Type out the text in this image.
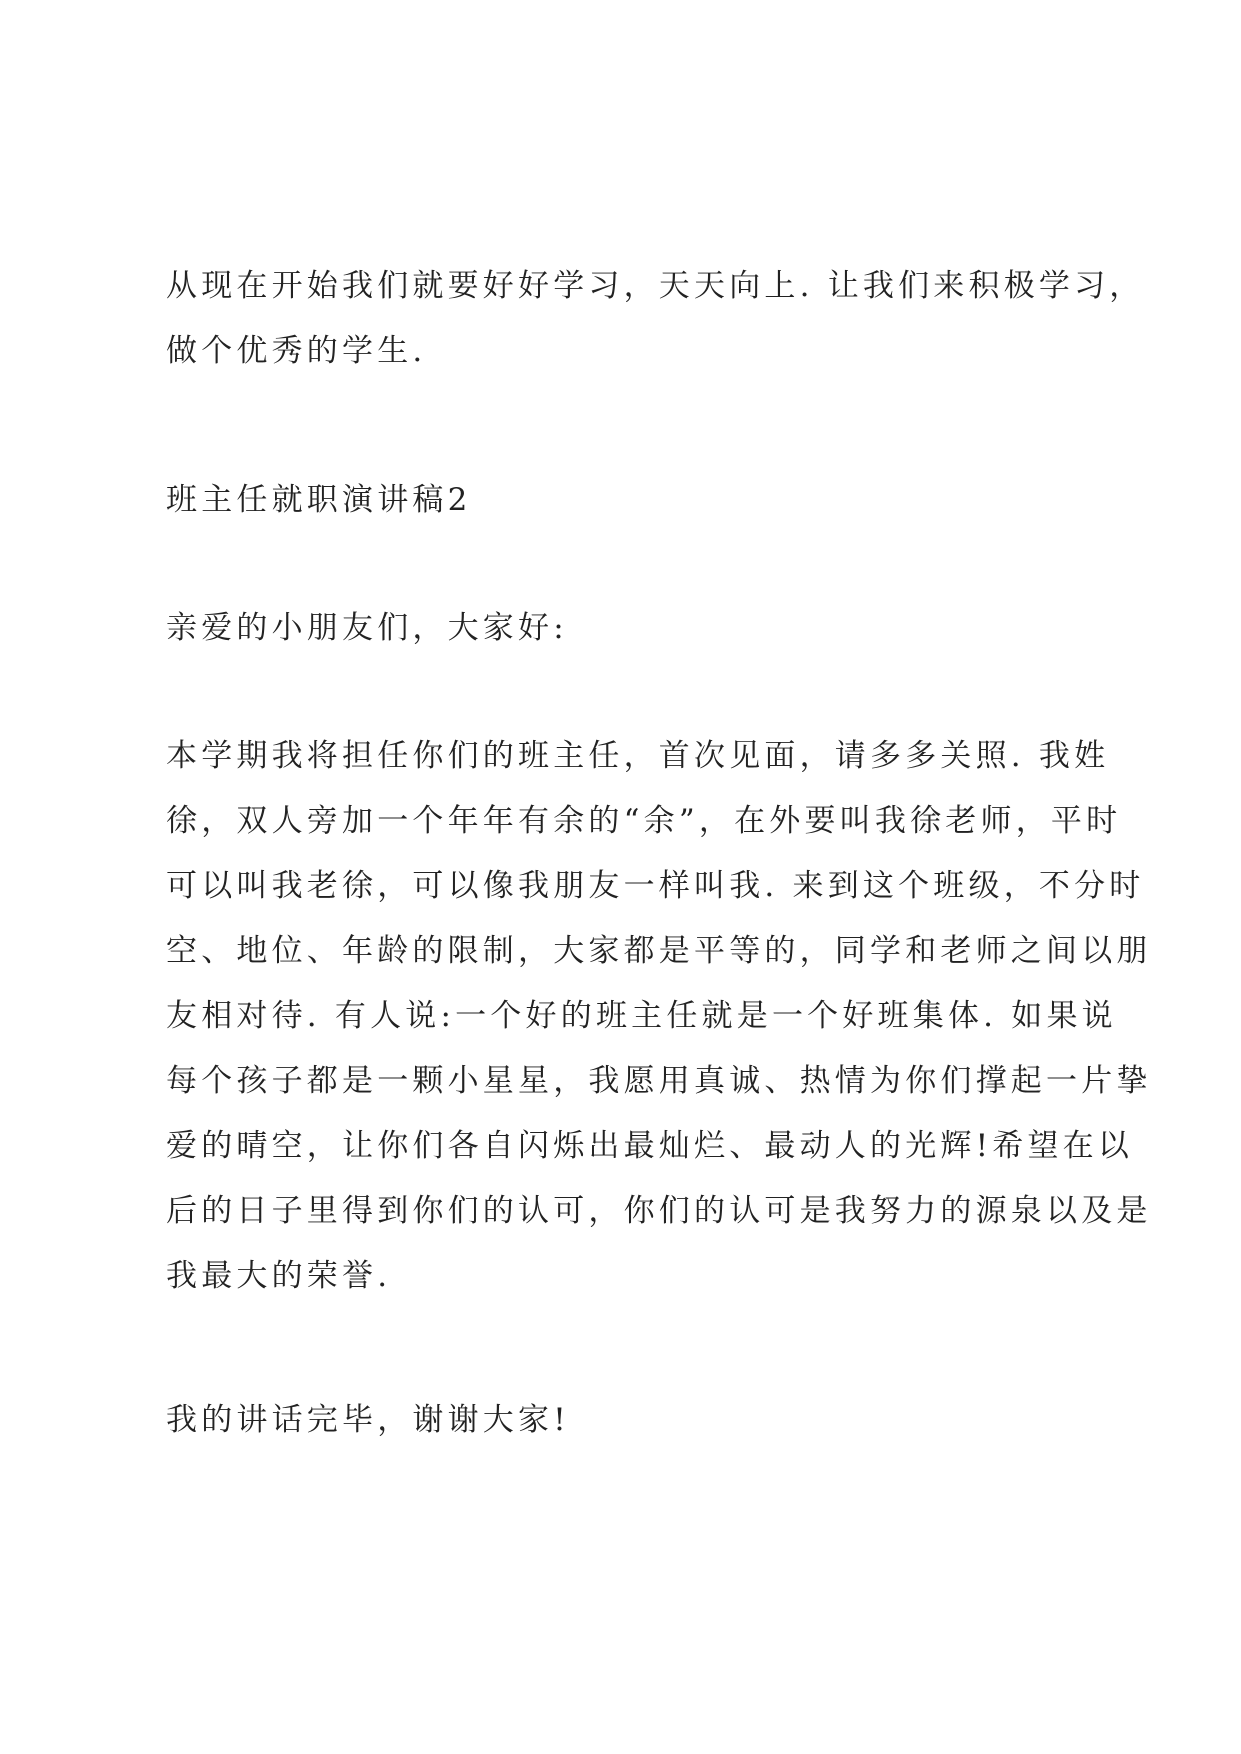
从现在开始我们就要好好学习，天天向上. 让我们来积极学习，
做个优秀的学生.
班主任就职演讲稿2
亲爱的小朋友们，大家好:
本学期我将担任你们的班主任，首次见面，请多多关照. 我姓
徐，双人旁加一个年年有余的“余”，在外要叫我徐老师，平时
可以叫我老徐，可以像我朋友一样叫我. 来到这个班级，不分时
空、地位、年龄的限制，大家都是平等的，同学和老师之间以朋
友相对待. 有人说:一个好的班主任就是一个好班集体. 如果说
每个孩子都是一颗小星星，我愿用真诚、热情为你们撑起一片挚
爱的晴空，让你们各自闪烁出最灿烂、最动人的光辉!希望在以
后的日子里得到你们的认可，你们的认可是我努力的源泉以及是
我最大的荣誉.
我的讲话完毕，谢谢大家!
